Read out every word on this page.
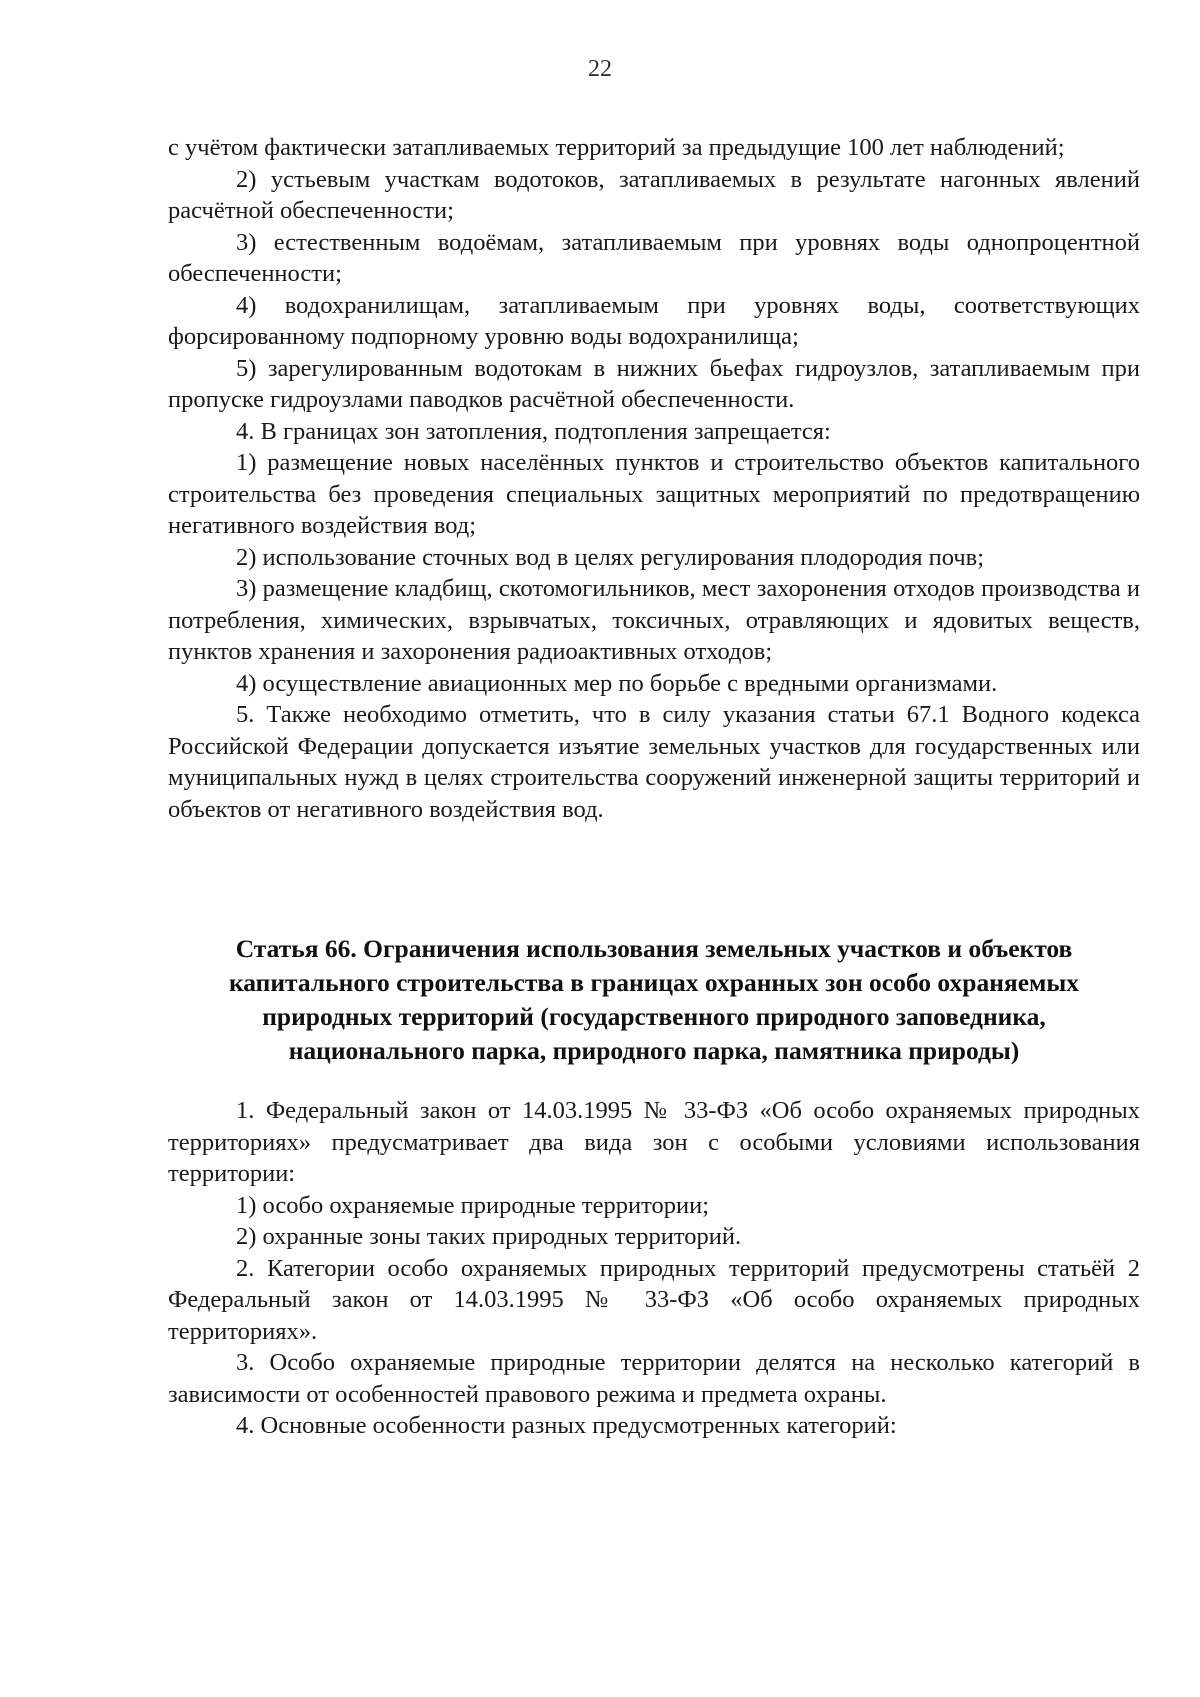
22

с учётом фактически затапливаемых территорий за предыдущие 100 лет наблюдений;

2) устьевым участкам водотоков, затапливаемых в результате нагонных явлений расчётной обеспеченности;

3) естественным водоёмам, затапливаемым при уровнях воды однопроцентной обеспеченности;

4) водохранилищам, затапливаемым при уровнях воды, соответствующих форсированному подпорному уровню воды водохранилища;

5) зарегулированным водотокам в нижних бьефах гидроузлов, затапливаемым при пропуске гидроузлами паводков расчётной обеспеченности.

4. В границах зон затопления, подтопления запрещается:

1) размещение новых населённых пунктов и строительство объектов капитального строительства без проведения специальных защитных мероприятий по предотвращению негативного воздействия вод;

2) использование сточных вод в целях регулирования плодородия почв;

3) размещение кладбищ, скотомогильников, мест захоронения отходов производства и потребления, химических, взрывчатых, токсичных, отравляющих и ядовитых веществ, пунктов хранения и захоронения радиоактивных отходов;

4) осуществление авиационных мер по борьбе с вредными организмами.

5. Также необходимо отметить, что в силу указания статьи 67.1 Водного кодекса Российской Федерации допускается изъятие земельных участков для государственных или муниципальных нужд в целях строительства сооружений инженерной защиты территорий и объектов от негативного воздействия вод.

Статья 66. Ограничения использования земельных участков и объектов
капитального строительства в границах охранных зон особо охраняемых
природных территорий (государственного природного заповедника,
национального парка, природного парка, памятника природы)

1. Федеральный закон от 14.03.1995 № 33-ФЗ «Об особо охраняемых природных территориях» предусматривает два вида зон с особыми условиями использования территории:

1) особо охраняемые природные территории;

2) охранные зоны таких природных территорий.

2. Категории особо охраняемых природных территорий предусмотрены статьёй 2 Федеральный закон от 14.03.1995 № 33-ФЗ «Об особо охраняемых природных территориях».

3. Особо охраняемые природные территории делятся на несколько категорий в зависимости от особенностей правового режима и предмета охраны.

4. Основные особенности разных предусмотренных категорий:
